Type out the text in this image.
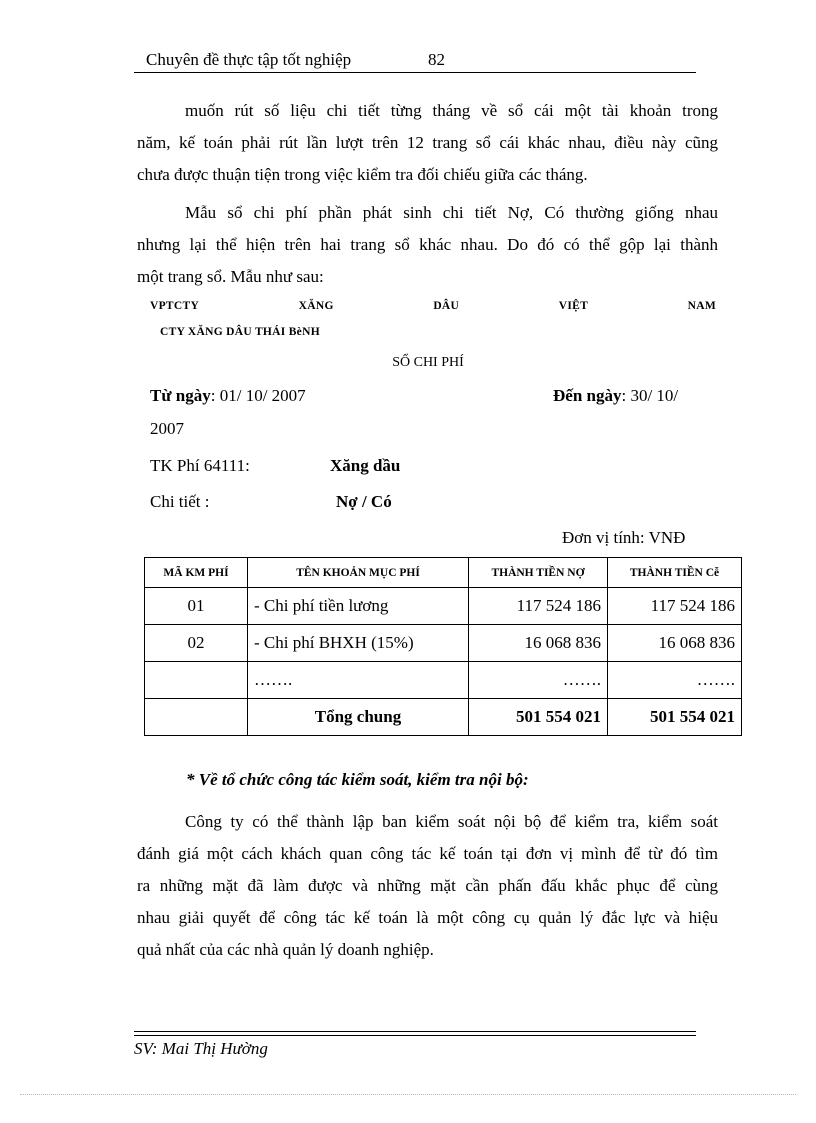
Chuyên đề thực tập tốt nghiệp	82

muốn rút số liệu chi tiết từng tháng về sổ cái một tài khoản trong

năm, kế toán phải rút lần lượt trên 12 trang sổ cái khác nhau, điều này cũng

chưa được thuận tiện trong việc kiểm tra đối chiếu giữa các tháng.

Mẫu sổ chi phí phần phát sinh chi tiết Nợ, Có thường giống nhau

nhưng lại thể hiện trên hai trang sổ khác nhau. Do đó có thể gộp lại thành

một trang sổ. Mẫu như sau:

VPTCTY	XĂNG	DÂU	VIỆT	NAM
CTY XĂNG DÂU THÁI BèNH
SỔ CHI PHÍ
Từ ngày: 01/ 10/ 2007	Đến ngày: 30/ 10/
2007
TK Phí 64111:	Xăng dầu
Chi tiết :	Nợ / Có
Đơn vị tính: VNĐ
MÃ KM PHÍ	TÊN KHOẢN MỤC PHÍ	THÀNH TIỀN NỢ	THÀNH TIỀN Cễ
01	- Chi phí tiền lương	117 524 186	117 524 186
02	- Chi phí BHXH (15%)	16 068 836	16 068 836
	…….	…….	…….
	Tổng chung	501 554 021	501 554 021
* Về tổ chức công tác kiểm soát, kiểm tra nội bộ:

Công ty có thể thành lập ban kiểm soát nội bộ để kiểm tra, kiểm soát

đánh giá một cách khách quan công tác kế toán tại đơn vị mình để từ đó tìm

ra những mặt đã làm được và những mặt cần phấn đấu khắc phục để cùng

nhau giải quyết để công tác kế toán là một công cụ quản lý đắc lực và hiệu

quả nhất của các nhà quản lý doanh nghiệp.

SV: Mai Thị Hường
